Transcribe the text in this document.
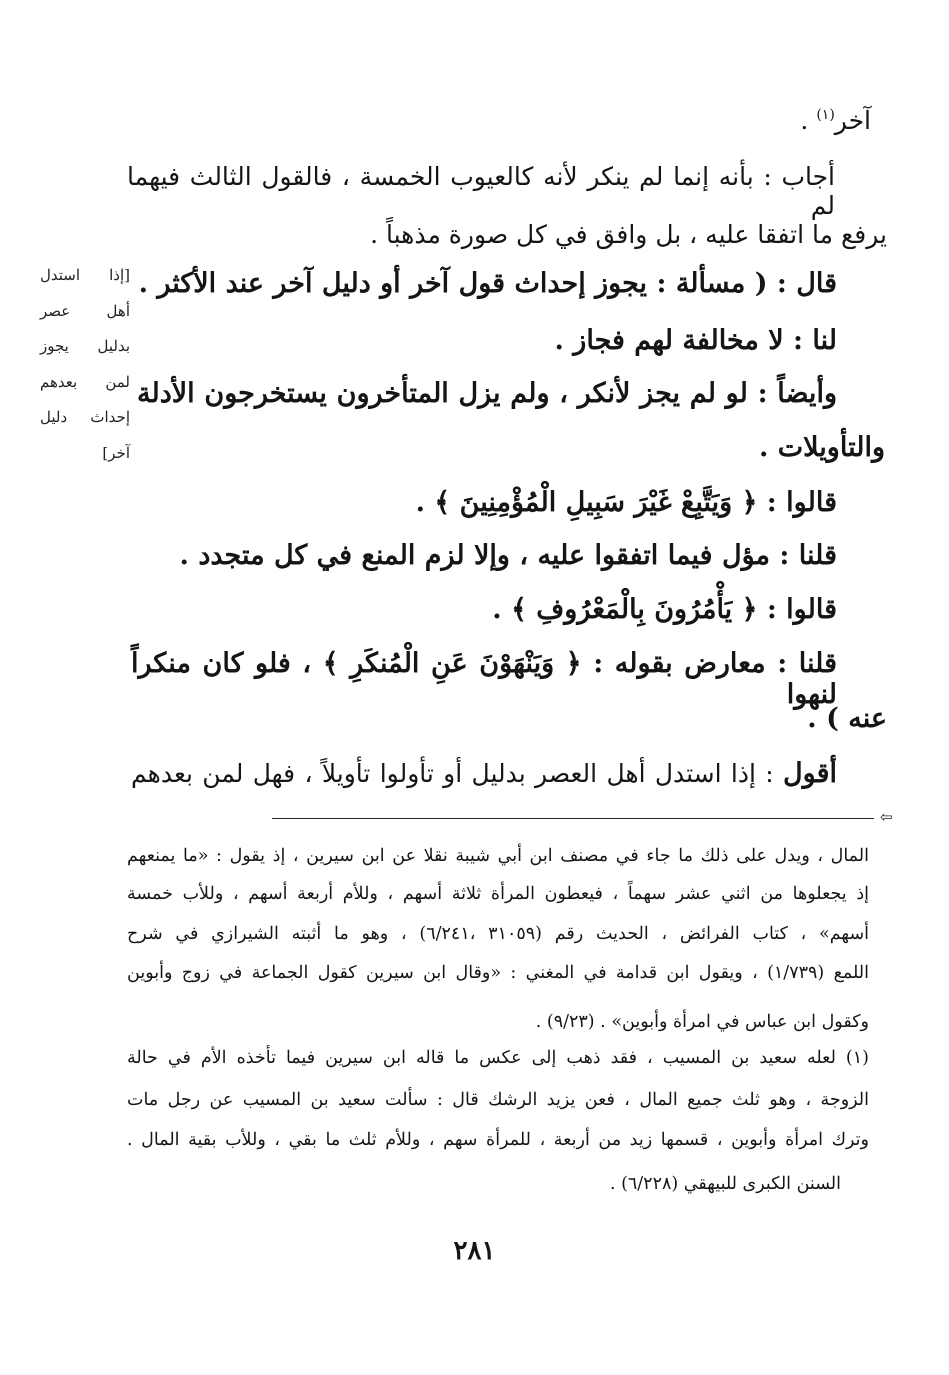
آخر$^{(١)}$ .
أجاب : بأنه إنما لم ينكر لأنه كالعيوب الخمسة ، فالقول الثالث فيهما لم
يرفع ما اتفقا عليه ، بل وافق في كل صورة مذهباً .
قال : ( مسألة : يجوز إحداث قول آخر أو دليل آخر عند الأكثر .
لنا : لا مخالفة لهم فجاز .
وأيضاً : لو لم يجز لأنكر ، ولم يزل المتأخرون يستخرجون الأدلة
والتأويلات .
قالوا : ﴿ وَيَتَّبِعْ غَيْرَ سَبِيلِ الْمُؤْمِنِينَ ﴾ .
قلنا : مؤل فيما اتفقوا عليه ، وإلا لزم المنع في كل متجدد .
قالوا : ﴿ يَأْمُرُونَ بِالْمَعْرُوفِ ﴾ .
قلنا : معارض بقوله : ﴿ وَيَنْهَوْنَ عَنِ الْمُنكَرِ ﴾ ، فلو كان منكراً لنهوا
عنه ) .
أقول : إذا استدل أهل العصر بدليل أو تأولوا تأويلاً ، فهل لمن بعدهم
[إذا استدل
أهل عصر
بدليل يجوز
لمن بعدهم
إحداث دليل
آخر]
⇦
المال ، ويدل على ذلك ما جاء في مصنف ابن أبي شيبة نقلا عن ابن سيرين ، إذ يقول : «ما يمنعهم
إذ يجعلوها من اثني عشر سهماً ، فيعطون المرأة ثلاثة أسهم ، وللأم أربعة أسهم ، وللأب خمسة
أسهم» ، كتاب الفرائض ، الحديث رقم (٣١٠٥٩ ،٦/٢٤١) ، وهو ما أثبته الشيرازي في شرح
اللمع (١/٧٣٩) ، ويقول ابن قدامة في المغني : «وقال ابن سيرين كقول الجماعة في زوج وأبوين
وكقول ابن عباس في امرأة وأبوين» . (٩/٢٣) .
(١) لعله سعيد بن المسيب ، فقد ذهب إلى عكس ما قاله ابن سيرين فيما تأخذه الأم في حالة
الزوجة ، وهو ثلث جميع المال ، فعن يزيد الرشك قال : سألت سعيد بن المسيب عن رجل مات
وترك امرأة وأبوين ، قسمها زيد من أربعة ، للمرأة سهم ، وللأم ثلث ما بقي ، وللأب بقية المال .
السنن الكبرى للبيهقي (٦/٢٢٨) .
٢٨١
